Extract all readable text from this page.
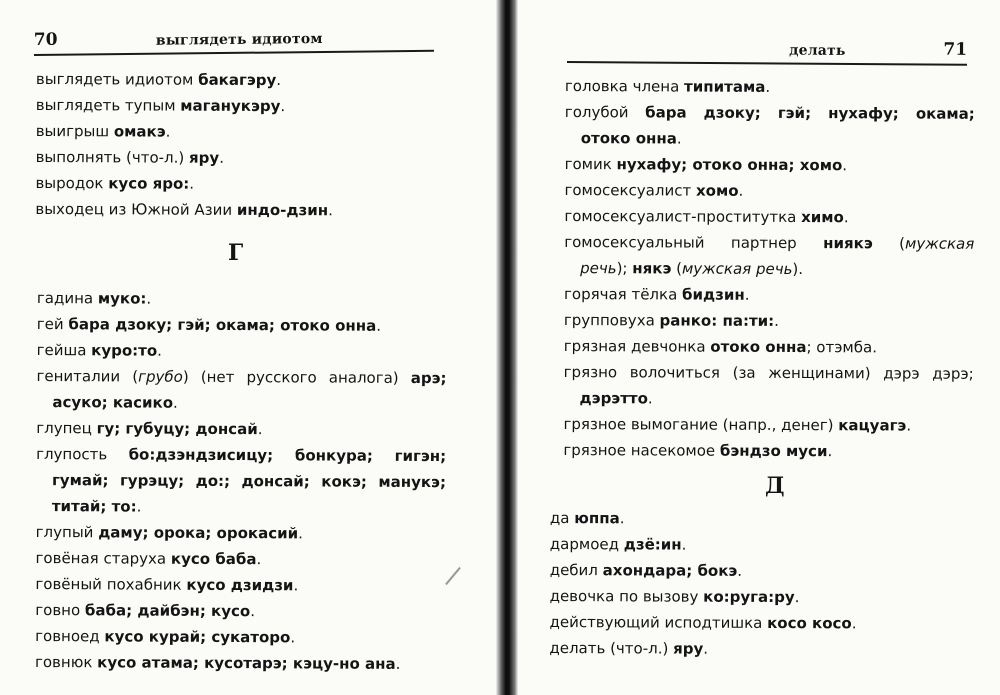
70	выглядеть идиотом
выглядеть идиотом бакагэру.
выглядеть тупым маганукэру.
выигрыш омакэ.
выполнять (что-л.) яру.
выродок кусо яро:.
выходец из Южной Азии индо-дзин.
Г
гадина муко:.
гей бара дзоку; гэй; окама; отоко онна.
гейша куро:то.
гениталии (грубо) (нет русского аналога) арэ;
асуко; касико.
глупец гу; губуцу; донсай.
глупость бо:дзэндзисицу; бонкура; гигэн;
гумай; гурэцу; до:; донсай; кокэ; манукэ;
титай; то:.
глупый даму; орока; орокасий.
говёная старуха кусо баба.
говёный похабник кусо дзидзи.
говно баба; дайбэн; кусо.
говноед кусо курай; сукатoро.
говнюк кусо атама; кусотарэ; кэцу-но ана.
делать	71
головка члена типитама.
голубой бара дзоку; гэй; нухафу; окама;
отоко онна.
гомик нухафу; отоко онна; хомо.
гомосексуалист хомо.
гомосексуалист-проститутка химо.
гомосексуальный партнер ниякэ (мужская
речь); някэ (мужская речь).
горячая тёлка бидзин.
групповуха ранко: па:ти:.
грязная девчонка отоко онна; отэмба.
грязно волочиться (за женщинами) дэрэ дэрэ;
дэрэтто.
грязное вымогание (напр., денег) кацуагэ.
грязное насекомое бэндзо муси.
Д
да юппа.
дармоед дзё:ин.
дебил ахондара; бокэ.
девочка по вызову ко:руга:ру.
действующий исподтишка косо косо.
делать (что-л.) яру.
